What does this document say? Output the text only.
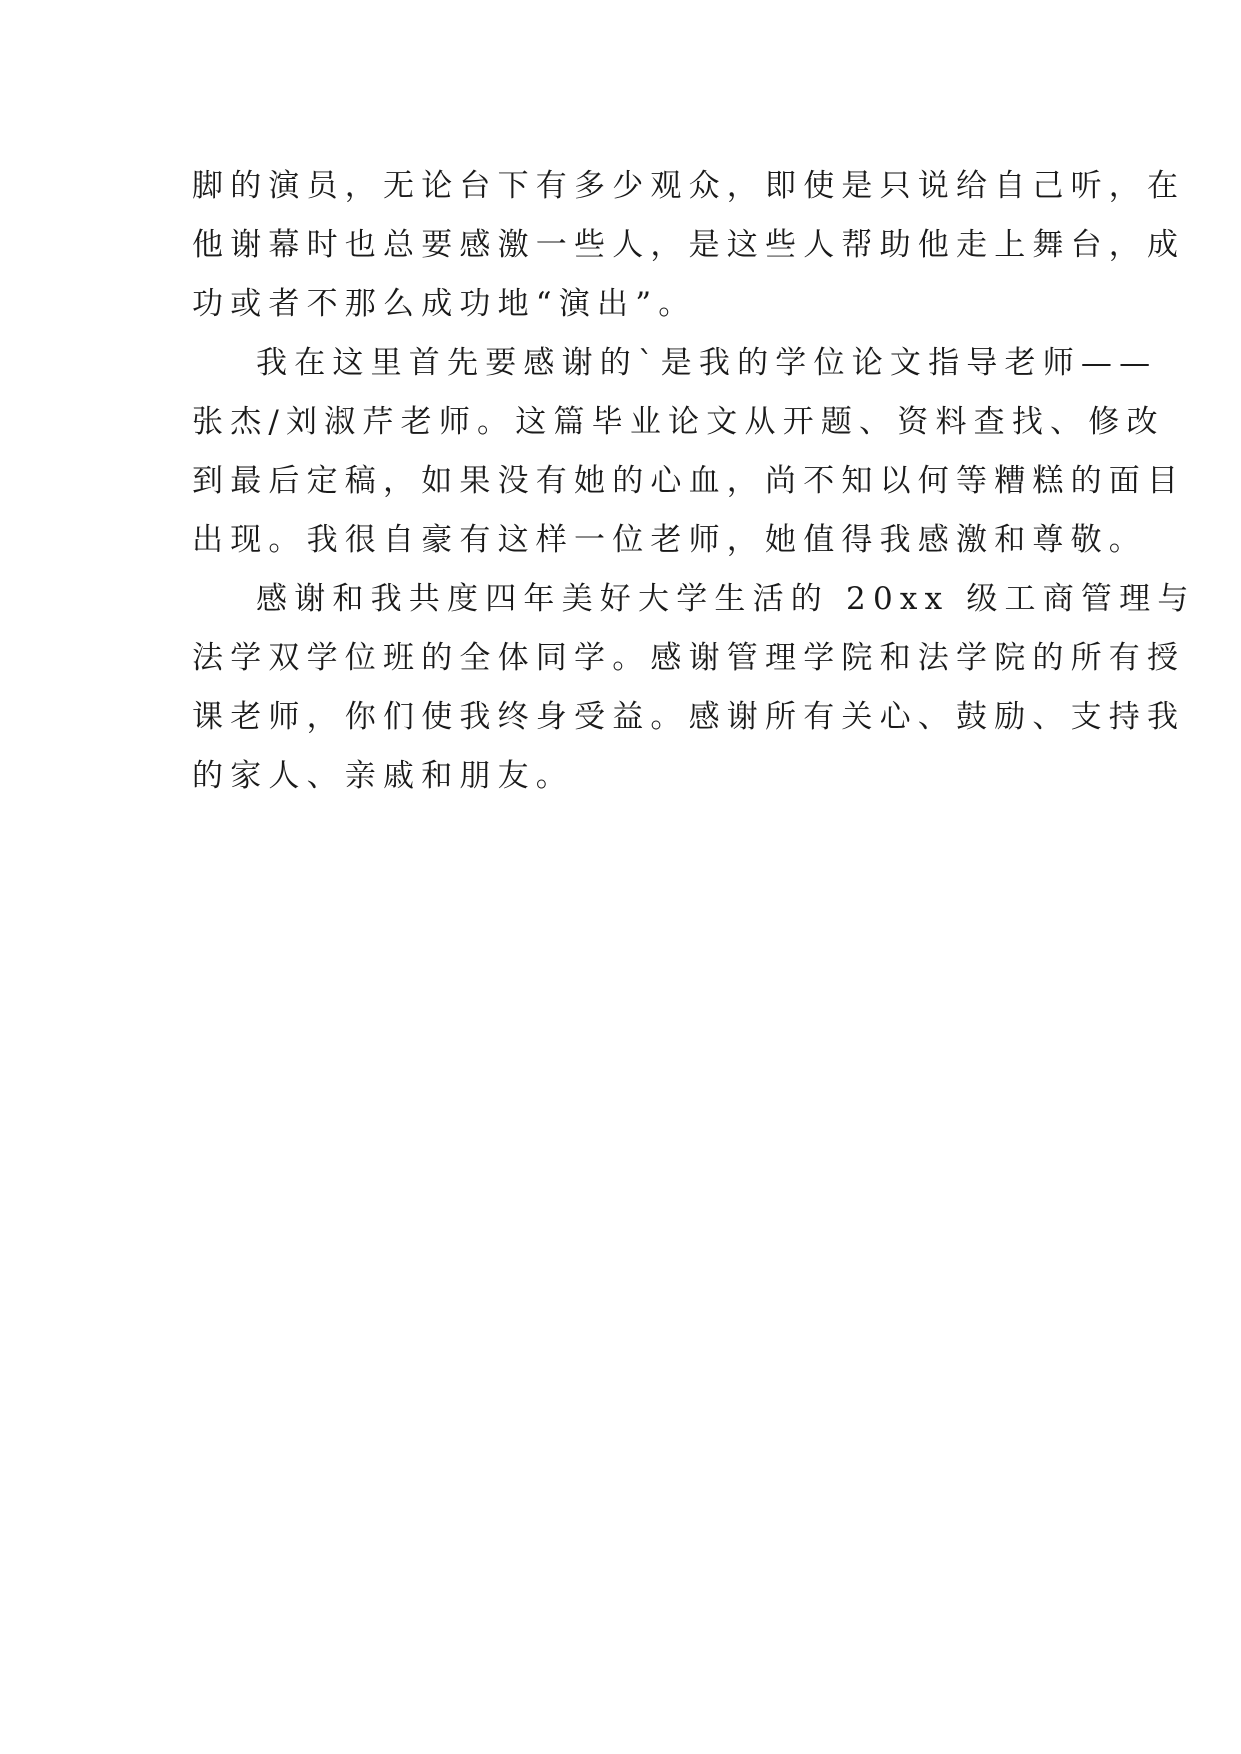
脚的演员，无论台下有多少观众，即使是只说给自己听，在
他谢幕时也总要感激一些人，是这些人帮助他走上舞台，成
功或者不那么成功地“演出”。
我在这里首先要感谢的`是我的学位论文指导老师——
张杰/刘淑芹老师。这篇毕业论文从开题、资料查找、修改
到最后定稿，如果没有她的心血，尚不知以何等糟糕的面目
出现。我很自豪有这样一位老师，她值得我感激和尊敬。
感谢和我共度四年美好大学生活的 20xx 级工商管理与
法学双学位班的全体同学。感谢管理学院和法学院的所有授
课老师，你们使我终身受益。感谢所有关心、鼓励、支持我
的家人、亲戚和朋友。
